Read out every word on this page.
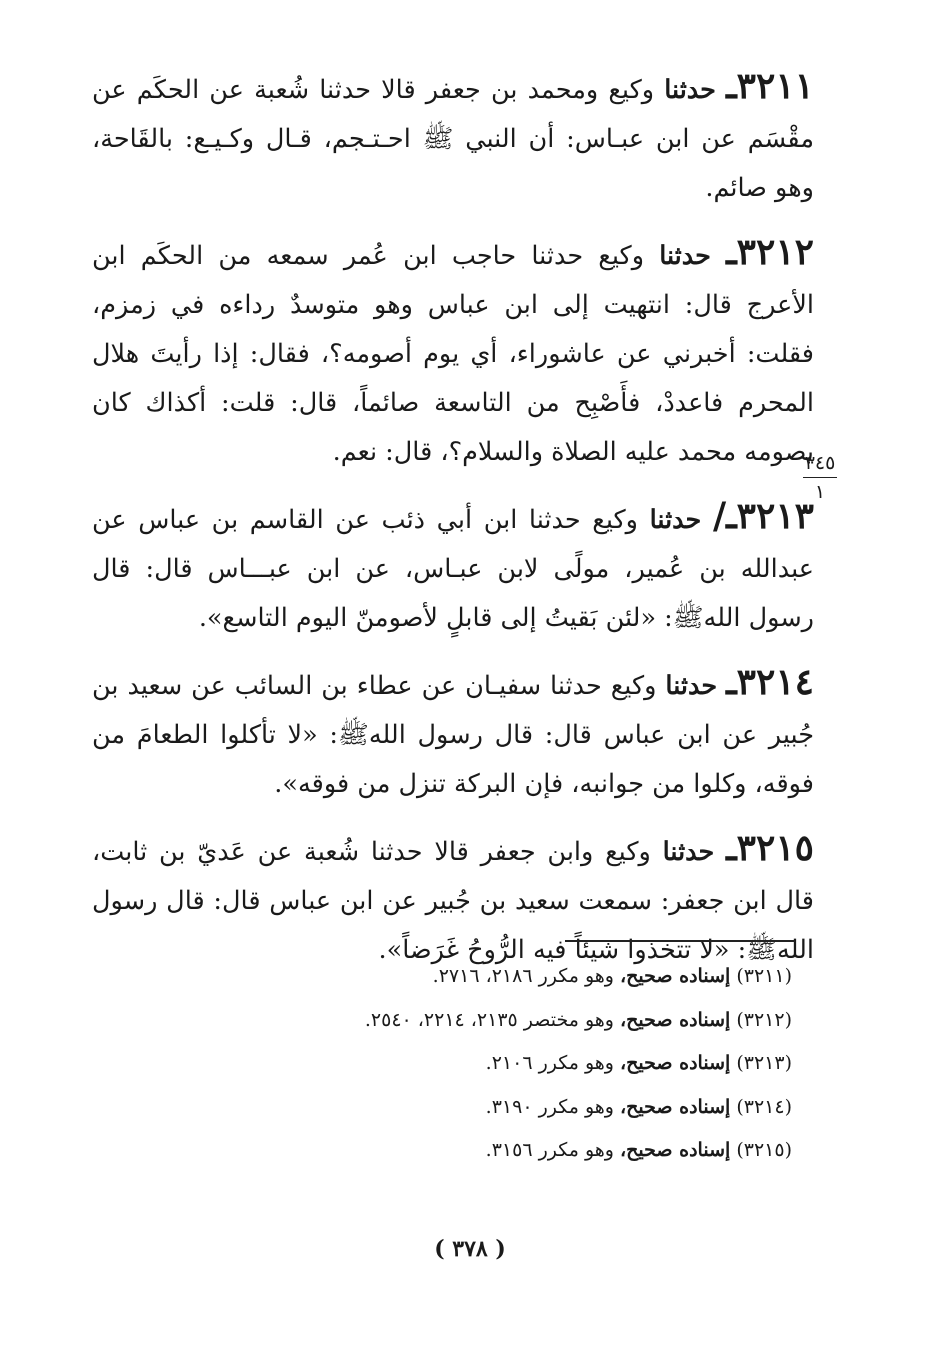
٣٢١١ـ حدثنا وكيع ومحمد بن جعفر قالا حدثنا شُعبة عن الحكَم عن مقْسَم عن ابن عبـاس: أن النبي ﷺ احـتـجم، قـال وكـيـع: بالقَاحة، وهو صائم.

٣٢١٢ـ حدثنا وكيع حدثنا حاجب ابن عُمر سمعه من الحكَم ابن الأعرج قال: انتهيت إلى ابن عباس وهو متوسدٌ رداءه في زمزم، فقلت: أخبرني عن عاشوراء، أي يوم أصومه؟، فقال: إذا رأيتَ هلال المحرم فاعددْ، فأَصْبِح من التاسعة صائماً، قال: قلت: أكذاك كان يصومه محمد عليه الصلاة والسلام؟، قال: نعم.

٣٢١٣ـ/ حدثنا وكيع حدثنا ابن أبي ذئب عن القاسم بن عباس عن عبدالله بن عُمير، مولًى لابن عبـاس، عن ابن عبـــاس قال: قال رسول اللهﷺ: «لئن بَقيتُ إلى قابلٍ لأصومنّ اليوم التاسع».

٣٢١٤ـ حدثنا وكيع حدثنا سفيـان عن عطاء بن السائب عن سعيد بن جُبير عن ابن عباس قال: قال رسول اللهﷺ: «لا تأكلوا الطعامَ من فوقه، وكلوا من جوانبه، فإن البركة تنزل من فوقه».

٣٢١٥ـ حدثنا وكيع وابن جعفر قالا حدثنا شُعبة عن عَديّ بن ثابت، قال ابن جعفر: سمعت سعيد بن جُبير عن ابن عباس قال: قال رسول اللهﷺ: «لا تتخذوا شيئاً فيه الرُّوحُ غَرَضاً».

٣٤٥
١
(٣٢١١) إسناده صحيح، وهو مكرر ٢١٨٦، ٢٧١٦.
(٣٢١٢) إسناده صحيح، وهو مختصر ٢١٣٥، ٢٢١٤، ٢٥٤٠.
(٣٢١٣) إسناده صحيح، وهو مكرر ٢١٠٦.
(٣٢١٤) إسناده صحيح، وهو مكرر ٣١٩٠.
(٣٢١٥) إسناده صحيح، وهو مكرر ٣١٥٦.
( ٣٧٨ )
